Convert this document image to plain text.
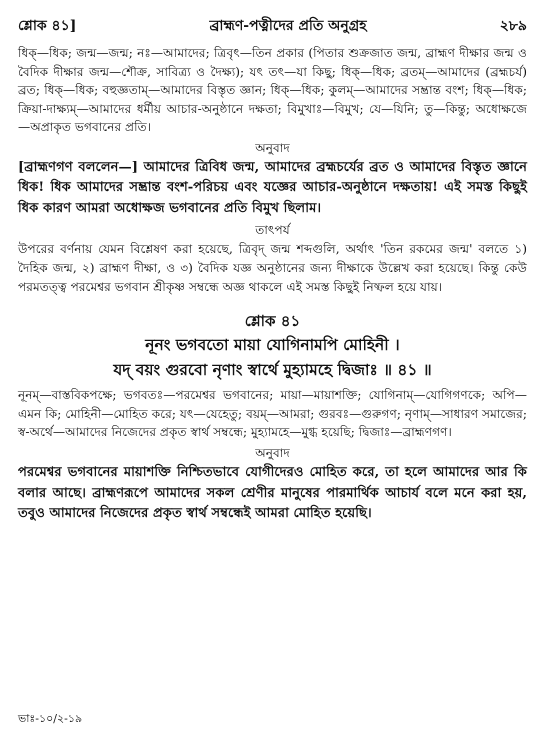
শ্লোক ৪১]	ব্রাহ্মণ-পত্নীদের প্রতি অনুগ্রহ	২৮৯

ধিক্—ধিক; জন্ম—জন্ম; নঃ—আমাদের; ত্রিবৃৎ—তিন প্রকার (পিতার শুক্রজাত জন্ম, ব্রাহ্মণ দীক্ষার জন্ম ও বৈদিক দীক্ষার জন্ম—শৌক্র, সাবিত্র্য ও দৈক্ষ্য); যৎ তৎ—যা কিছু; ধিক্—ধিক; ব্রতম্—আমাদের (ব্রহ্মচর্য) ব্রত; ধিক্—ধিক; বহুজ্ঞতাম্—আমাদের বিস্তৃত জ্ঞান; ধিক্—ধিক; কুলম্—আমাদের সম্ভ্রান্ত বংশ; ধিক্—ধিক; ক্রিয়া-দাক্ষ্যম্—আমাদের ধর্মীয় আচার-অনুষ্ঠানে দক্ষতা; বিমুখাঃ—বিমুখ; যে—যিনি; তু—কিন্তু; অধোক্ষজে—অপ্রাকৃত ভগবানের প্রতি।

অনুবাদ

[ব্রাহ্মণগণ বললেন—] আমাদের ত্রিবিধ জন্ম, আমাদের ব্রহ্মচর্যের ব্রত ও আমাদের বিস্তৃত জ্ঞানে ধিক! ধিক আমাদের সম্ভ্রান্ত বংশ-পরিচয় এবং যজ্ঞের আচার-অনুষ্ঠানে দক্ষতায়! এই সমস্ত কিছুই ধিক কারণ আমরা অধোক্ষজ ভগবানের প্রতি বিমুখ ছিলাম।

তাৎপর্য

উপরের বর্ণনায় যেমন বিশ্লেষণ করা হয়েছে, ত্রিবৃদ্ জন্ম শব্দগুলি, অর্থাৎ 'তিন রকমের জন্ম' বলতে ১) দৈহিক জন্ম, ২) ব্রাহ্মণ দীক্ষা, ও ৩) বৈদিক যজ্ঞ অনুষ্ঠানের জন্য দীক্ষাকে উল্লেখ করা হয়েছে। কিন্তু কেউ পরমতত্ত্ব পরমেশ্বর ভগবান শ্রীকৃষ্ণ সম্বন্ধে অজ্ঞ থাকলে এই সমস্ত কিছুই নিষ্ফল হয়ে যায়।

শ্লোক ৪১
নূনং ভগবতো মায়া যোগিনামপি মোহিনী ।
যদ্ বয়ং গুরবো নৃণাং স্বার্থে মুহ্যামহে দ্বিজাঃ ॥ ৪১ ॥

নূনম্—বাস্তবিকপক্ষে; ভগবতঃ—পরমেশ্বর ভগবানের; মায়া—মায়াশক্তি; যোগিনাম্—যোগিগণকে; অপি—এমন কি; মোহিনী—মোহিত করে; যৎ—যেহেতু; বয়ম্—আমরা; গুরবঃ—গুরুগণ; নৃণাম্—সাধারণ সমাজের; স্ব-অর্থে—আমাদের নিজেদের প্রকৃত স্বার্থ সম্বন্ধে; মুহ্যামহে—মুগ্ধ হয়েছি; দ্বিজাঃ—ব্রাহ্মণগণ।

অনুবাদ

পরমেশ্বর ভগবানের মায়াশক্তি নিশ্চিতভাবে যোগীদেরও মোহিত করে, তা হলে আমাদের আর কি বলার আছে। ব্রাহ্মণরূপে আমাদের সকল শ্রেণীর মানুষের পারমার্থিক আচার্য বলে মনে করা হয়, তবুও আমাদের নিজেদের প্রকৃত স্বার্থ সম্বন্ধেই আমরা মোহিত হয়েছি।

ভাঃ-১০/২-১৯
